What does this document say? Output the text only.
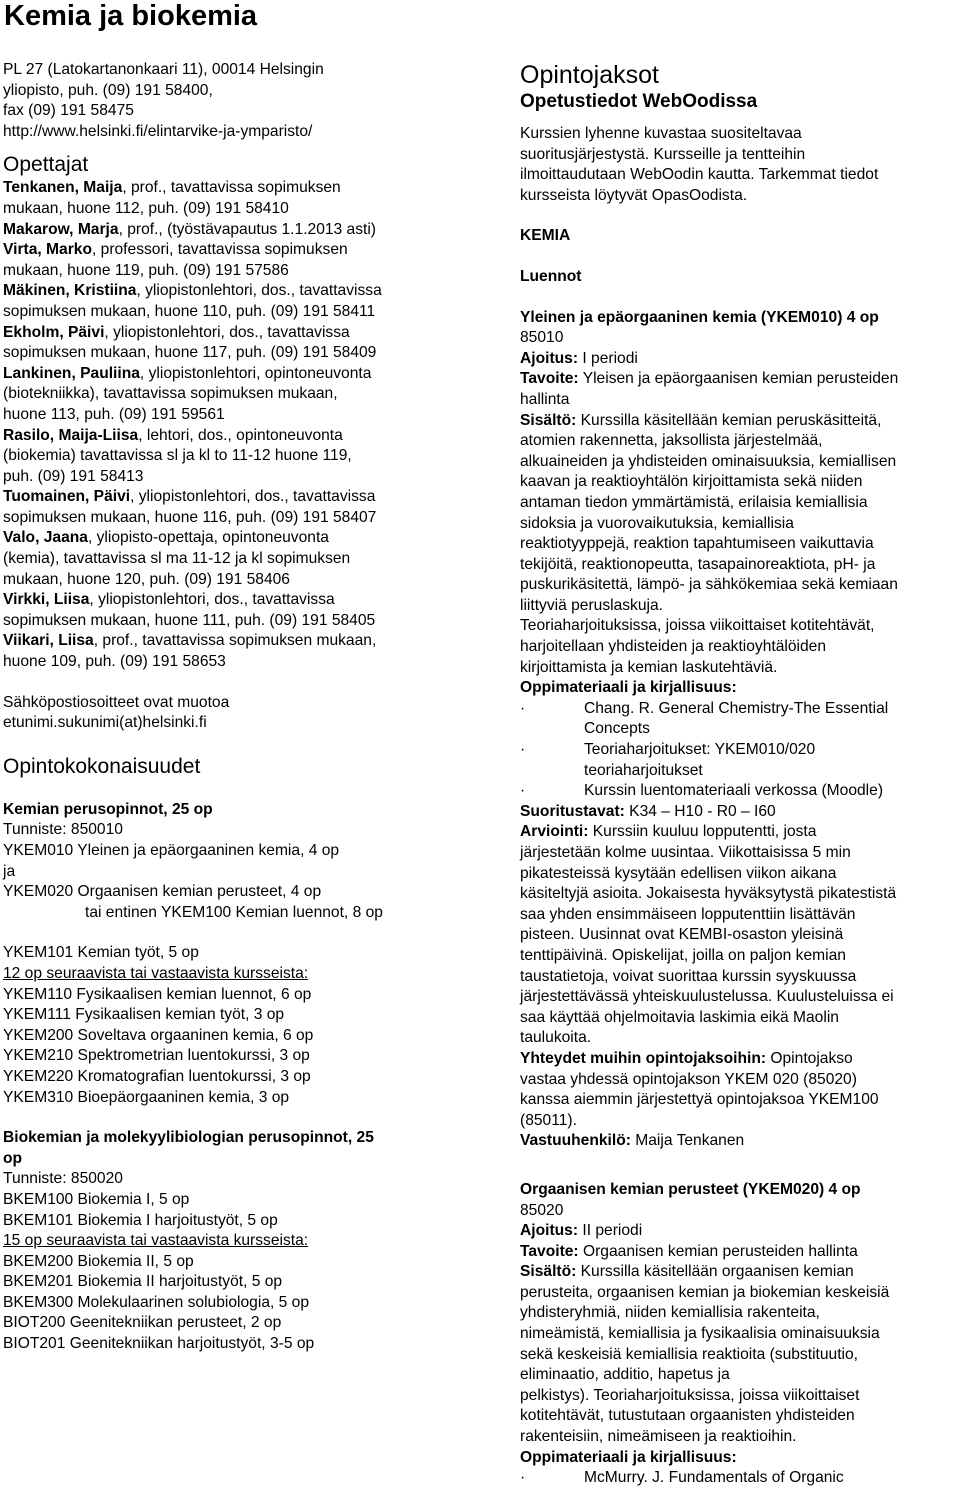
Kemia ja biokemia
PL 27 (Latokartanonkaari 11), 00014 Helsingin
yliopisto, puh. (09) 191 58400,
fax (09) 191 58475
http://www.helsinki.fi/elintarvike-ja-ymparisto/
Opettajat
Tenkanen, Maija, prof., tavattavissa sopimuksen
mukaan, huone 112, puh. (09) 191 58410
Makarow, Marja, prof., (työstävapautus 1.1.2013 asti)
Virta, Marko, professori, tavattavissa sopimuksen
mukaan, huone 119, puh. (09) 191 57586
Mäkinen, Kristiina, yliopistonlehtori, dos., tavattavissa
sopimuksen mukaan, huone 110, puh. (09) 191 58411
Ekholm, Päivi, yliopistonlehtori, dos., tavattavissa
sopimuksen mukaan, huone 117, puh. (09) 191 58409
Lankinen, Pauliina, yliopistonlehtori, opintoneuvonta
(biotekniikka), tavattavissa sopimuksen mukaan,
huone 113, puh. (09) 191 59561
Rasilo, Maija-Liisa, lehtori, dos., opintoneuvonta
(biokemia) tavattavissa sl ja kl to 11-12 huone 119,
puh. (09) 191 58413
Tuomainen, Päivi, yliopistonlehtori, dos., tavattavissa
sopimuksen mukaan, huone 116, puh. (09) 191 58407
Valo, Jaana, yliopisto-opettaja, opintoneuvonta
(kemia), tavattavissa sl ma 11-12 ja kl sopimuksen
mukaan, huone 120, puh. (09) 191 58406
Virkki, Liisa, yliopistonlehtori, dos., tavattavissa
sopimuksen mukaan, huone 111, puh. (09) 191 58405
Viikari, Liisa, prof., tavattavissa sopimuksen mukaan,
huone 109, puh. (09) 191 58653
Sähköpostiosoitteet ovat muotoa
etunimi.sukunimi(at)helsinki.fi
Opintokokonaisuudet
Kemian perusopinnot, 25 op
Tunniste: 850010
YKEM010 Yleinen ja epäorgaaninen kemia, 4 op
ja
YKEM020 Orgaanisen kemian perusteet, 4 op
tai entinen YKEM100 Kemian luennot, 8 op
YKEM101 Kemian työt, 5 op
12 op seuraavista tai vastaavista kursseista:
YKEM110 Fysikaalisen kemian luennot, 6 op
YKEM111 Fysikaalisen kemian työt, 3 op
YKEM200 Soveltava orgaaninen kemia, 6 op
YKEM210 Spektrometrian luentokurssi, 3 op
YKEM220 Kromatografian luentokurssi, 3 op
YKEM310 Bioepäorgaaninen kemia, 3 op
Biokemian ja molekyylibiologian perusopinnot, 25
op
Tunniste: 850020
BKEM100 Biokemia I, 5 op
BKEM101 Biokemia I harjoitustyöt, 5 op
15 op seuraavista tai vastaavista kursseista:
BKEM200 Biokemia II, 5 op
BKEM201 Biokemia II harjoitustyöt, 5 op
BKEM300 Molekulaarinen solubiologia, 5 op
BIOT200 Geenitekniikan perusteet, 2 op
BIOT201 Geenitekniikan harjoitustyöt, 3-5 op
Opintojaksot
Opetustiedot WebOodissa
Kurssien lyhenne kuvastaa suositeltavaa
suoritusjärjestystä. Kursseille ja tentteihin
ilmoittaudutaan WebOodin kautta. Tarkemmat tiedot
kursseista löytyvät OpasOodista.
KEMIA
Luennot
Yleinen ja epäorgaaninen kemia (YKEM010) 4 op
85010
Ajoitus: I periodi
Tavoite: Yleisen ja epäorgaanisen kemian perusteiden
hallinta
Sisältö: Kurssilla käsitellään kemian peruskäsitteitä,
atomien rakennetta, jaksollista järjestelmää,
alkuaineiden ja yhdisteiden ominaisuuksia, kemiallisen
kaavan ja reaktioyhtälön kirjoittamista sekä niiden
antaman tiedon ymmärtämistä, erilaisia kemiallisia
sidoksia ja vuorovaikutuksia, kemiallisia
reaktiotyyppejä, reaktion tapahtumiseen vaikuttavia
tekijöitä, reaktionopeutta, tasapainoreaktiota, pH- ja
puskurikäsitettä, lämpö- ja sähkökemiaa sekä kemiaan
liittyviä peruslaskuja.
Teoriaharjoituksissa, joissa viikoittaiset kotitehtävät,
harjoitellaan yhdisteiden ja reaktioyhtälöiden
kirjoittamista ja kemian laskutehtäviä.
Oppimateriaali ja kirjallisuus:
·	Chang. R. General Chemistry-The Essential
Concepts
·	Teoriaharjoitukset: YKEM010/020
teoriaharjoitukset
·	Kurssin luentomateriaali verkossa (Moodle)
Suoritustavat: K34 – H10 - R0 – I60
Arviointi: Kurssiin kuuluu lopputentti, josta
järjestetään kolme uusintaa. Viikottaisissa 5 min
pikatesteissä kysytään edellisen viikon aikana
käsiteltyjä asioita. Jokaisesta hyväksytystä pikatestistä
saa yhden ensimmäiseen lopputenttiin lisättävän
pisteen. Uusinnat ovat KEMBI-osaston yleisinä
tenttipäivinä. Opiskelijat, joilla on paljon kemian
taustatietoja, voivat suorittaa kurssin syyskuussa
järjestettävässä yhteiskuulustelussa. Kuulusteluissa ei
saa käyttää ohjelmoitavia laskimia eikä Maolin
taulukoita.
Yhteydet muihin opintojaksoihin: Opintojakso
vastaa yhdessä opintojakson YKEM 020 (85020)
kanssa aiemmin järjestettyä opintojaksoa YKEM100
(85011).
Vastuuhenkilö: Maija Tenkanen
Orgaanisen kemian perusteet (YKEM020) 4 op
85020
Ajoitus: II periodi
Tavoite: Orgaanisen kemian perusteiden hallinta
Sisältö: Kurssilla käsitellään orgaanisen kemian
perusteita, orgaanisen kemian ja biokemian keskeisiä
yhdisteryhmiä, niiden kemiallisia rakenteita,
nimeämistä, kemiallisia ja fysikaalisia ominaisuuksia
sekä keskeisiä kemiallisia reaktioita (substituutio,
eliminaatio, additio, hapetus ja
pelkistys). Teoriaharjoituksissa, joissa viikoittaiset
kotitehtävät, tutustutaan orgaanisten yhdisteiden
rakenteisiin, nimeämiseen ja reaktioihin.
Oppimateriaali ja kirjallisuus:
·	McMurry. J. Fundamentals of Organic
